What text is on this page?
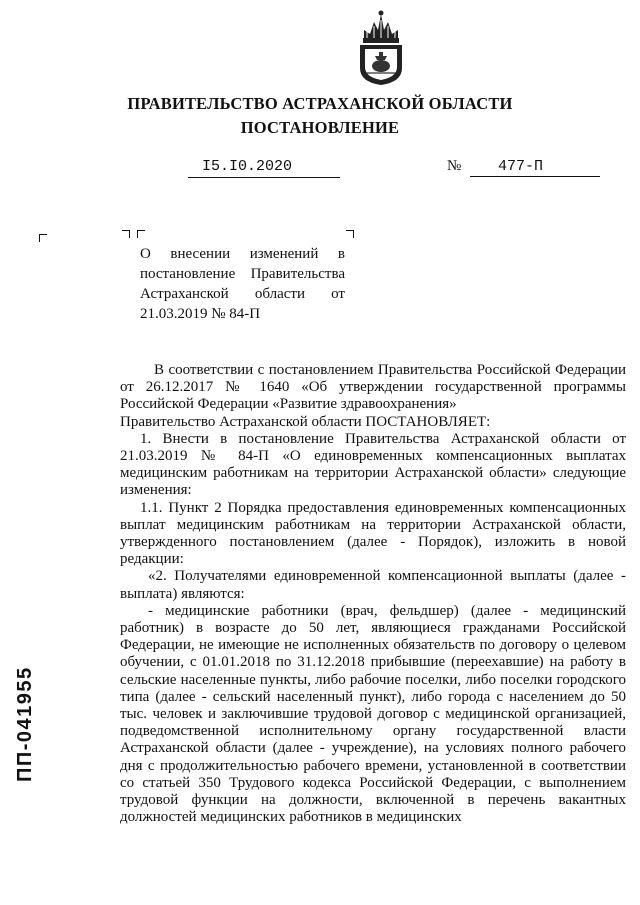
ПРАВИТЕЛЬСТВО АСТРАХАНСКОЙ ОБЛАСТИ
ПОСТАНОВЛЕНИЕ
I5.I0.2020	№	477-П
О внесении изменений в постановление Правительства Астраханской области от 21.03.2019 № 84-П

В соответствии с постановлением Правительства Российской Федерации от 26.12.2017 № 1640 «Об утверждении государственной программы Российской Федерации «Развитие здравоохранения»

Правительство Астраханской области ПОСТАНОВЛЯЕТ:

1. Внести в постановление Правительства Астраханской области от 21.03.2019 № 84-П «О единовременных компенсационных выплатах медицинским работникам на территории Астраханской области» следующие изменения:

1.1. Пункт 2 Порядка предоставления единовременных компенсационных выплат медицинским работникам на территории Астраханской области, утвержденного постановлением (далее - Порядок), изложить в новой редакции:

«2. Получателями единовременной компенсационной выплаты (далее - выплата) являются:

- медицинские работники (врач, фельдшер) (далее - медицинский работник) в возрасте до 50 лет, являющиеся гражданами Российской Федерации, не имеющие не исполненных обязательств по договору о целевом обучении, с 01.01.2018 по 31.12.2018 прибывшие (переехавшие) на работу в сельские населенные пункты, либо рабочие поселки, либо поселки городского типа (далее - сельский населенный пункт), либо города с населением до 50 тыс. человек и заключившие трудовой договор с медицинской организацией, подведомственной исполнительному органу государственной власти Астраханской области (далее - учреждение), на условиях полного рабочего дня с продолжительностью рабочего времени, установленной в соответствии со статьей 350 Трудового кодекса Российской Федерации, с выполнением трудовой функции на должности, включенной в перечень вакантных должностей медицинских работников в медицинских

ПП-041955
